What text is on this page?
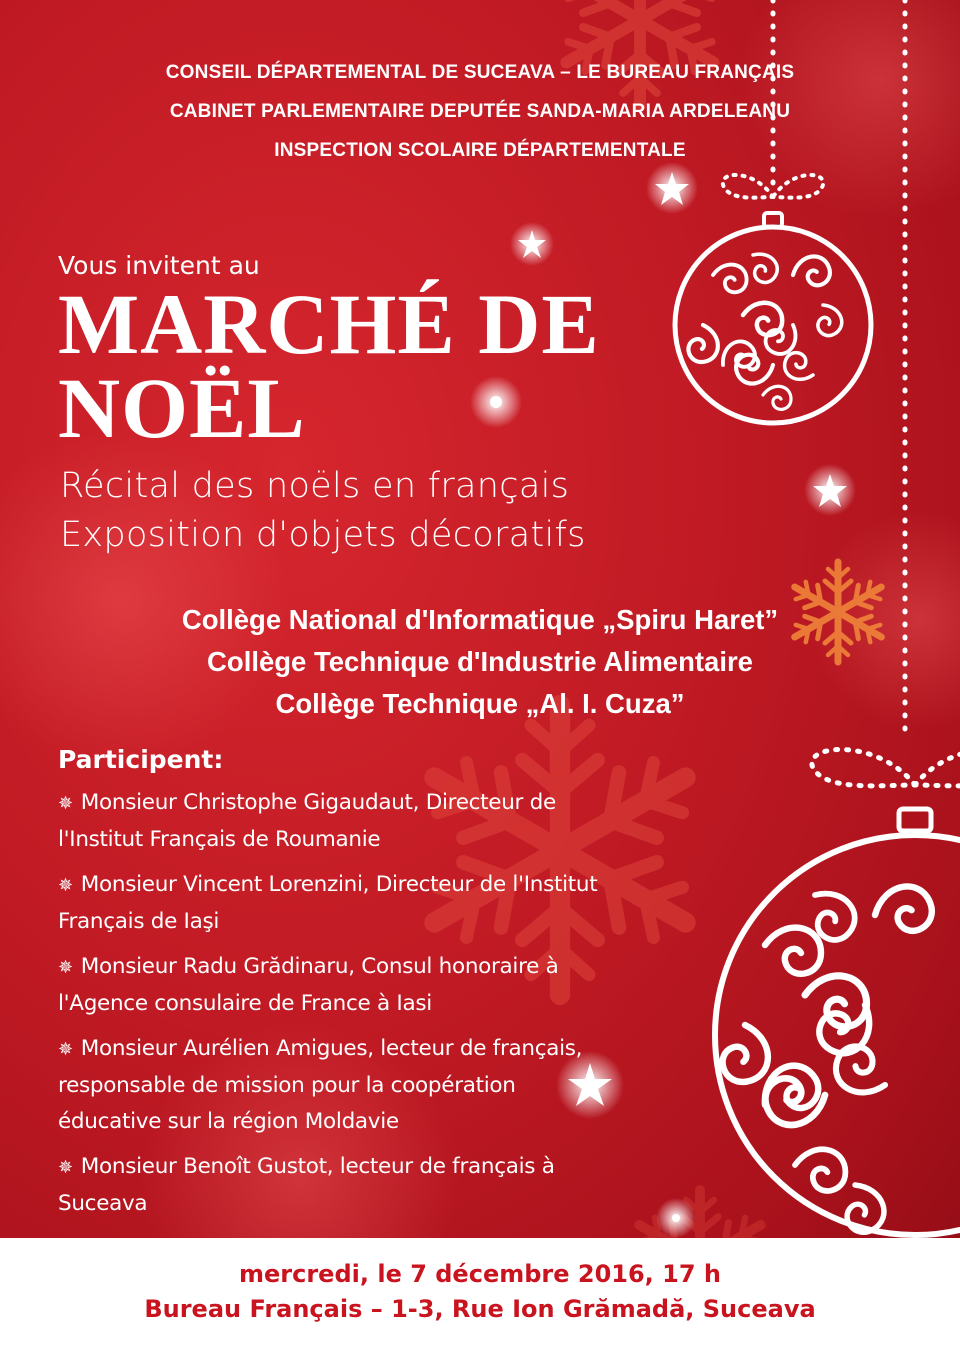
CONSEIL DÉPARTEMENTAL DE SUCEAVA – LE BUREAU FRANÇAIS
CABINET PARLEMENTAIRE DEPUTÉE SANDA-MARIA ARDELEANU
INSPECTION SCOLAIRE DÉPARTEMENTALE
Vous invitent au
MARCHÉ DE NOËL
Récital des noëls en français
Exposition d'objets décoratifs
Collège National d'Informatique „Spiru Haret”
Collège Technique d'Industrie Alimentaire
Collège Technique „Al. I. Cuza”
Participent:
✵ Monsieur Christophe Gigaudaut, Directeur de
l'Institut Français de Roumanie
✵ Monsieur Vincent Lorenzini, Directeur de l'Institut
Français de Iaşi
✵ Monsieur Radu Grădinaru, Consul honoraire à
l'Agence consulaire de France à Iasi
✵ Monsieur Aurélien Amigues, lecteur de français,
responsable de mission pour la coopération
éducative sur la région Moldavie
✵ Monsieur Benoît Gustot, lecteur de français à
Suceava
mercredi, le 7 décembre 2016, 17 h
Bureau Français – 1-3, Rue Ion Grămadă, Suceava
